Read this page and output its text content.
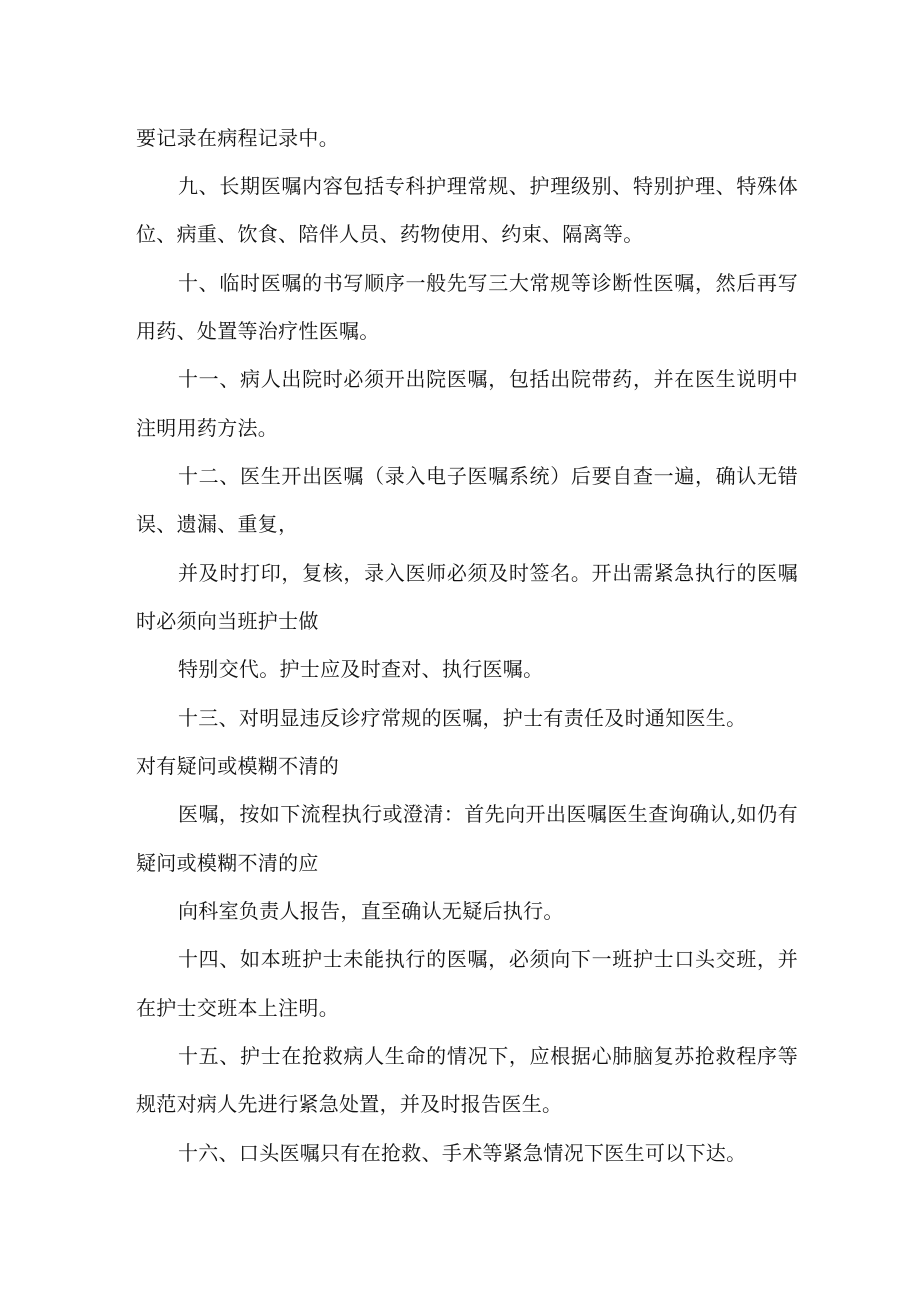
要记录在病程记录中。
九、长期医嘱内容包括专科护理常规、护理级别、特别护理、特殊体
位、病重、饮食、陪伴人员、药物使用、约束、隔离等。
十、临时医嘱的书写顺序一般先写三大常规等诊断性医嘱，然后再写
用药、处置等治疗性医嘱。
十一、病人出院时必须开出院医嘱，包括出院带药，并在医生说明中
注明用药方法。
十二、医生开出医嘱（录入电子医嘱系统）后要自查一遍，确认无错
误、遗漏、重复，
并及时打印，复核，录入医师必须及时签名。开出需紧急执行的医嘱
时必须向当班护士做
特别交代。护士应及时查对、执行医嘱。
十三、对明显违反诊疗常规的医嘱，护士有责任及时通知医生。
对有疑问或模糊不清的
医嘱，按如下流程执行或澄清：首先向开出医嘱医生查询确认,如仍有
疑问或模糊不清的应
向科室负责人报告，直至确认无疑后执行。
十四、如本班护士未能执行的医嘱，必须向下一班护士口头交班，并
在护士交班本上注明。
十五、护士在抢救病人生命的情况下，应根据心肺脑复苏抢救程序等
规范对病人先进行紧急处置，并及时报告医生。
十六、口头医嘱只有在抢救、手术等紧急情况下医生可以下达。
